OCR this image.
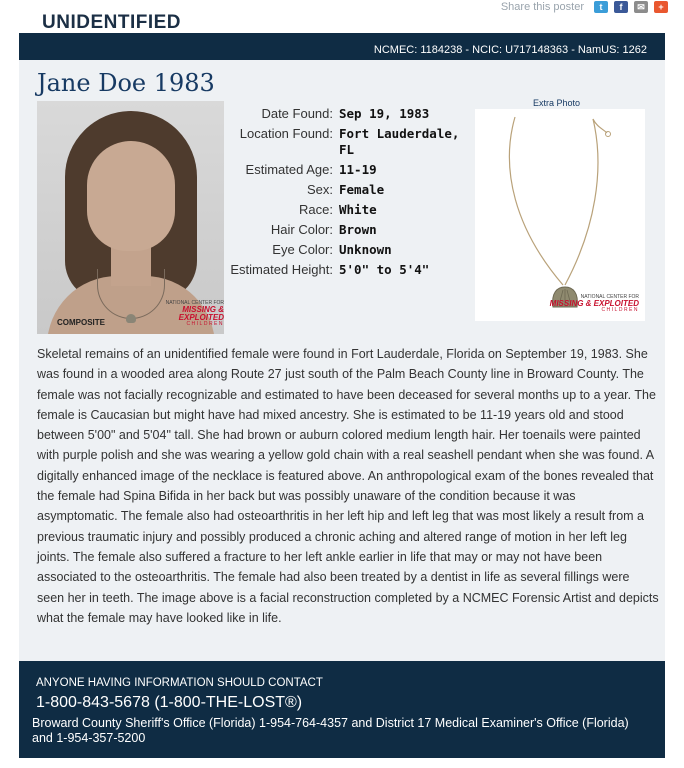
Share this poster	t	f	✉	+
UNIDENTIFIED
NCMEC: 1184238 - NCIC: U717148363 - NamUS: 1262
Jane Doe 1983
COMPOSITE
NATIONAL CENTER FOR
MISSING & EXPLOITED
CHILDREN
Date Found: Sep 19, 1983
Location Found: Fort Lauderdale, FL
Estimated Age: 11-19
Sex: Female
Race: White
Hair Color: Brown
Eye Color: Unknown
Estimated Height: 5'0" to 5'4"
Extra Photo
NATIONAL CENTER FOR
MISSING & EXPLOITED
CHILDREN
Skeletal remains of an unidentified female were found in Fort Lauderdale, Florida on September 19, 1983. She was found in a wooded area along Route 27 just south of the Palm Beach County line in Broward County. The female was not facially recognizable and estimated to have been deceased for several months up to a year. The female is Caucasian but might have had mixed ancestry. She is estimated to be 11-19 years old and stood between 5'00" and 5'04" tall. She had brown or auburn colored medium length hair. Her toenails were painted with purple polish and she was wearing a yellow gold chain with a real seashell pendant when she was found. A digitally enhanced image of the necklace is featured above. An anthropological exam of the bones revealed that the female had Spina Bifida in her back but was possibly unaware of the condition because it was asymptomatic. The female also had osteoarthritis in her left hip and left leg that was most likely a result from a previous traumatic injury and possibly produced a chronic aching and altered range of motion in her left leg joints. The female also suffered a fracture to her left ankle earlier in life that may or may not have been associated to the osteoarthritis. The female had also been treated by a dentist in life as several fillings were seen her in teeth. The image above is a facial reconstruction completed by a NCMEC Forensic Artist and depicts what the female may have looked like in life.
ANYONE HAVING INFORMATION SHOULD CONTACT
1-800-843-5678 (1-800-THE-LOST®)
Broward County Sheriff's Office (Florida) 1-954-764-4357 and District 17 Medical Examiner's Office (Florida) and 1-954-357-5200
